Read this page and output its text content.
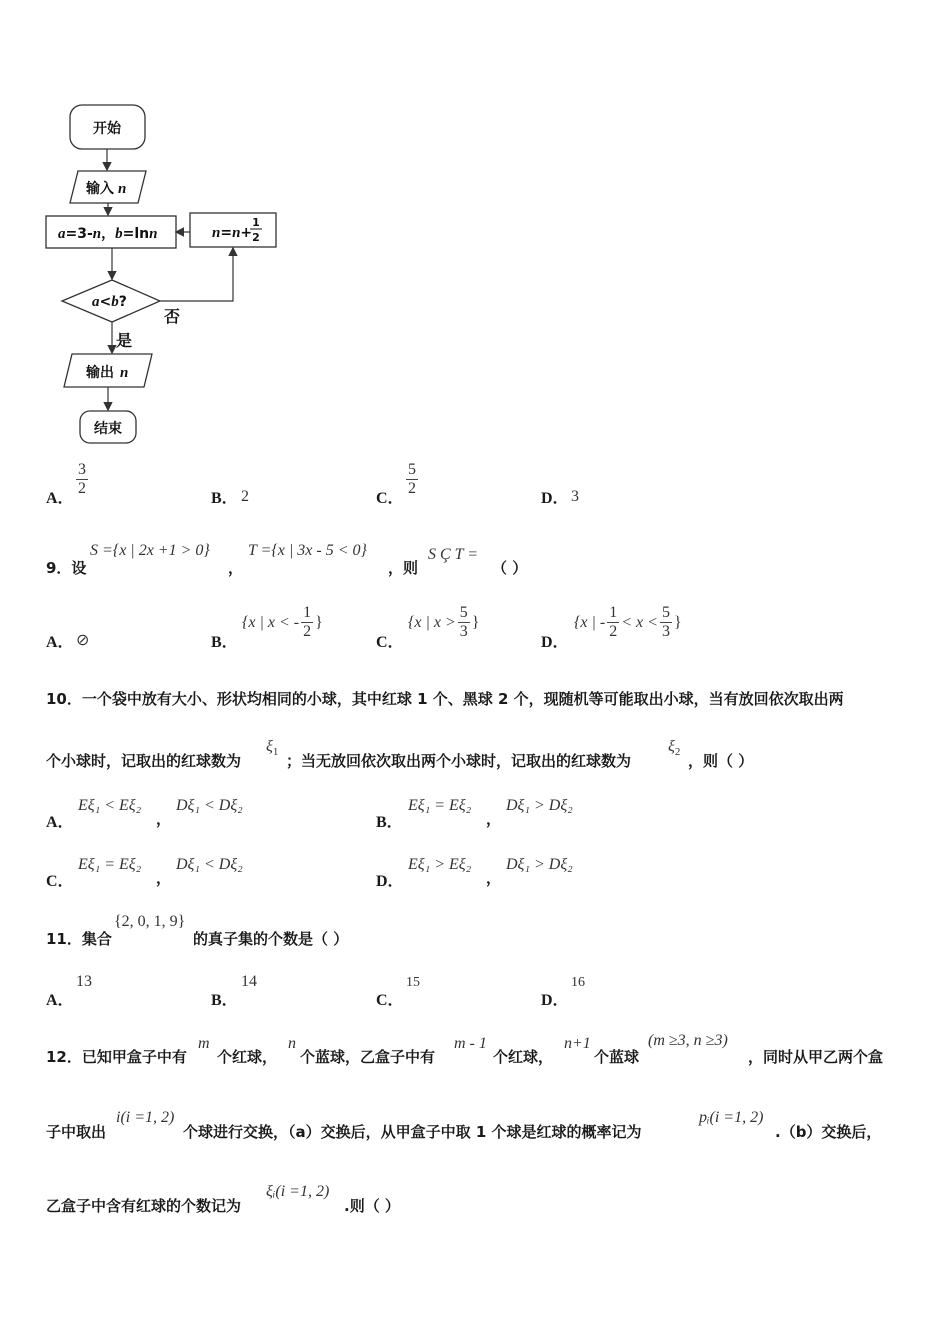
开始
输入 n
a=3-n，b=lnn	n=n+
1
2
a<b?
否
是
输出 n
结束
A．
$\frac{3}{2}$
B． 2	C．
$\frac{5}{2}$
D． 3
9．设
S ={x | 2x +1 > 0}
，
T ={x | 3x - 5 < 0}
，则
S Ç T =
（ ）
A． ⊘	B．
{x | x < - $\frac{1}{2}$ }
C．
{x | $x > \frac{5}{3}$ }
D．
{x | - $\frac{1}{2} < x < \frac{5}{3}$ }
10．一个袋中放有大小、形状均相同的小球，其中红球 1 个、黑球 2 个，现随机等可能取出小球，当有放回依次取出两
个小球时，记取出的红球数为
$\xi_1$ ；当无放回依次取出两个小球时，记取出的红球数为
$\xi_2$ ，则（ ）
A．
Eξ₁ < Eξ₂
，
Dξ₁ < Dξ₂
B．
Eξ₁ = Eξ₂
，
Dξ₁ > Dξ₂
C．
Eξ₁ = Eξ₂
，
Dξ₁ < Dξ₂
D．
Eξ₁ > Eξ₂
，
Dξ₁ > Dξ₂
11．集合
{2, 0, 1, 9}
的真子集的个数是（ ）
A．
13
B．
14
C．
15
D．
16
12．已知甲盒子中有
m
个红球，
n
个蓝球，乙盒子中有
m - 1
个红球，
n+1
个蓝球
(m ≥3, n ≥3)
，同时从甲乙两个盒
子中取出
i(i =1, 2)
个球进行交换，（a）交换后，从甲盒子中取 1 个球是红球的概率记为
pᵢ(i =1, 2)
.（b）交换后，
乙盒子中含有红球的个数记为
ξᵢ(i =1, 2)
.则（ ）
